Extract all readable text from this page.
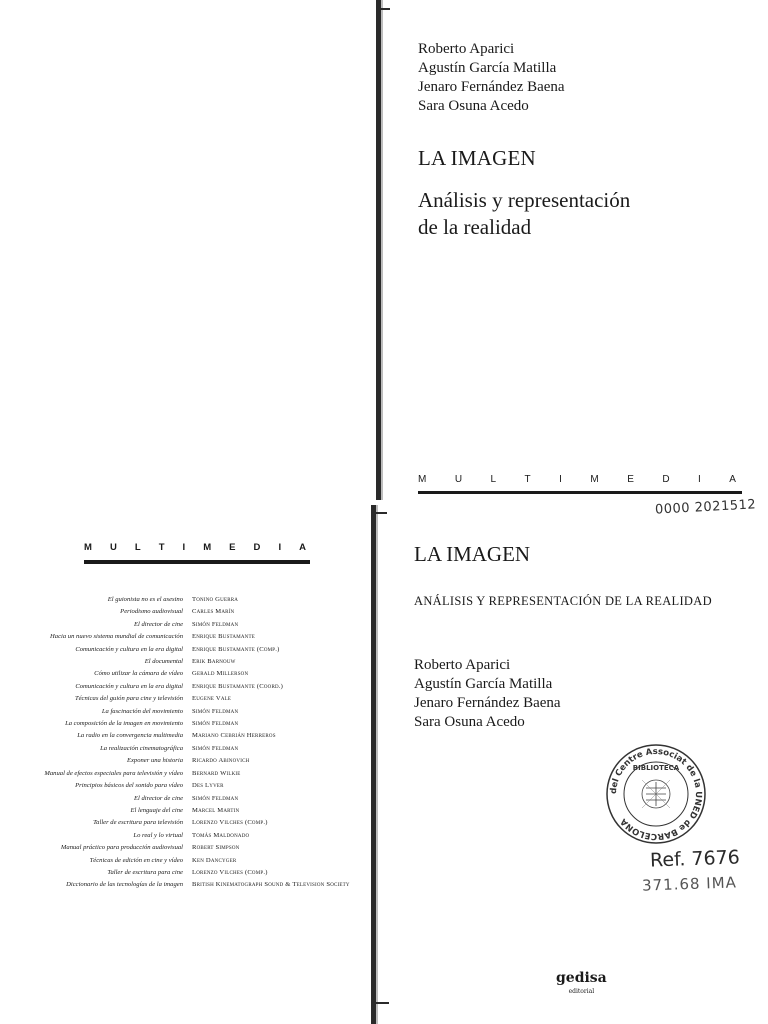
Roberto Aparici
Agustín García Matilla
Jenaro Fernández Baena
Sara Osuna Acedo
LA IMAGEN
Análisis y representación
de la realidad
M	U	L	T	I	M	E	D	I	A
0000 2021512
LA IMAGEN
ANÁLISIS Y REPRESENTACIÓN DE LA REALIDAD
Roberto Aparici
Agustín García Matilla
Jenaro Fernández Baena
Sara Osuna Acedo
del Centre Associat de la UNED de BARCELONA
BIBLIOTECA
Ref. 7676
371.68 IMA
gedisa
editorial
M U L T I M E D I A
El guionista no es el asesino	Tonino Guerra
Periodismo audiovisual	Carles Marín
El director de cine	Simón Feldman
Hacia un nuevo sistema mundial de comunicación	Enrique Bustamante
Comunicación y cultura en la era digital	Enrique Bustamante (Comp.)
El documental	Erik Barnouw
Cómo utilizar la cámara de vídeo	Gerald Millerson
Comunicación y cultura en la era digital	Enrique Bustamante (Coord.)
Técnicas del guión para cine y televisión	Eugene Vale
La fascinación del movimiento	Simón Feldman
La composición de la imagen en movimiento	Simón Feldman
La radio en la convergencia multimedia	Mariano Cebrián Herreros
La realización cinematográfica	Simón Feldman
Exponer una historia	Ricardo Abinovich
Manual de efectos especiales para televisión y vídeo	Bernard Wilkie
Principios básicos del sonido para vídeo	Des Lyver
El director de cine	Simón Feldman
El lenguaje del cine	Marcel Martin
Taller de escritura para televisión	Lorenzo Vilches (Comp.)
Lo real y lo virtual	Tomás Maldonado
Manual práctico para producción audiovisual	Robert Simpson
Técnicas de edición en cine y vídeo	Ken Dancyger
Taller de escritura para cine	Lorenzo Vilches (Comp.)
Diccionario de las tecnologías de la imagen	British Kinematograph Sound & Television Society
